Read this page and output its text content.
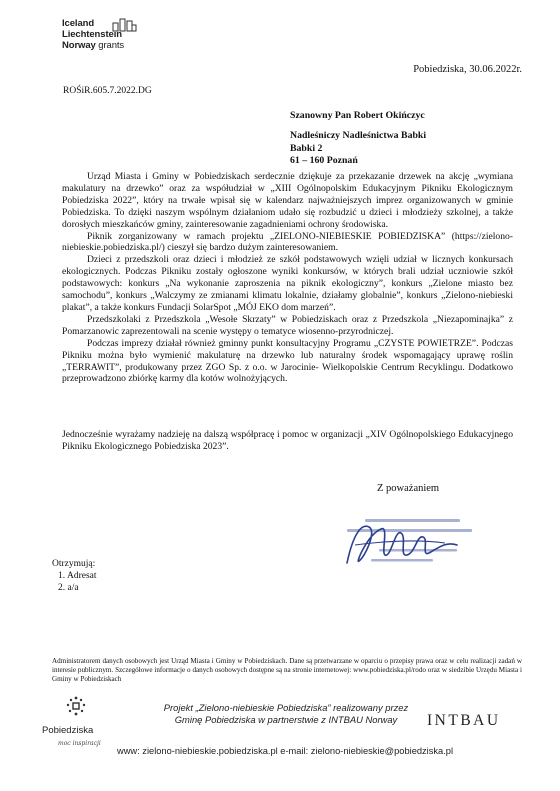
Iceland
Liechtenstein
Norway grants
Pobiedziska, 30.06.2022r.
ROŚiR.605.7.2022.DG
Szanowny Pan Robert Okińczyc
Nadleśniczy Nadleśnictwa Babki
Babki 2
61 – 160 Poznań

Urząd Miasta i Gminy w Pobiedziskach serdecznie dziękuje za przekazanie drzewek na akcję „wymiana makulatury na drzewko” oraz za współudział w „XIII Ogólnopolskim Edukacyjnym Pikniku Ekologicznym Pobiedziska 2022”, który na trwałe wpisał się w kalendarz najważniejszych imprez organizowanych w gminie Pobiedziska. To dzięki naszym wspólnym działaniom udało się rozbudzić u dzieci i młodzieży szkolnej, a także dorosłych mieszkańców gminy, zainteresowanie zagadnieniami ochrony środowiska.

Piknik zorganizowany w ramach projektu „ZIELONO-NIEBIESKIE POBIEDZISKA” (https://zielono-niebieskie.pobiedziska.pl/) cieszył się bardzo dużym zainteresowaniem.

Dzieci z przedszkoli oraz dzieci i młodzież ze szkół podstawowych wzięli udział w licznych konkursach ekologicznych. Podczas Pikniku zostały ogłoszone wyniki konkursów, w których brali udział uczniowie szkół podstawowych: konkurs „Na wykonanie zaproszenia na piknik ekologiczny”, konkurs „Zielone miasto bez samochodu”, konkurs „Walczymy ze zmianami klimatu lokalnie, działamy globalnie”, konkurs „Zielono-niebieski plakat”, a także konkurs Fundacji SolarSpot „MÓJ EKO dom marzeń”.

Przedszkolaki z Przedszkola „Wesołe Skrzaty” w Pobiedziskach oraz z Przedszkola „Niezapominajka” z Pomarzanowic zaprezentowali na scenie występy o tematyce wiosenno-przyrodniczej.

Podczas imprezy działał również gminny punkt konsultacyjny Programu „CZYSTE POWIETRZE”. Podczas Pikniku można było wymienić makulaturę na drzewko lub naturalny środek wspomagający uprawę roślin „TERRAWIT”, produkowany przez ZGO Sp. z o.o. w Jarocinie- Wielkopolskie Centrum Recyklingu. Dodatkowo przeprowadzono zbiórkę karmy dla kotów wolnożyjących.

Jednocześnie wyrażamy nadzieję na dalszą współpracę i pomoc w organizacji „XIV Ogólnopolskiego Edukacyjnego Pikniku Ekologicznego Pobiedziska 2023”.

Z poważaniem
Otrzymują:
1. Adresat
2. a/a
Administratorem danych osobowych jest Urząd Miasta i Gminy w Pobiedziskach. Dane są przetwarzane w oparciu o przepisy prawa oraz w celu realizacji zadań w interesie publicznym. Szczegółowe informacje o danych osobowych dostępne są na stronie internetowej: www.pobiedziska.pl/rodo oraz w siedzibie Urzędu Miasta i Gminy w Pobiedziskach
Pobiedziska
moc inspiracji
Projekt „Zielono-niebieskie Pobiedziska” realizowany przez
Gminę Pobiedziska w partnerstwie z INTBAU Norway	INTBAU
www: zielono-niebieskie.pobiedziska.pl e-mail: zielono-niebieskie@pobiedziska.pl
